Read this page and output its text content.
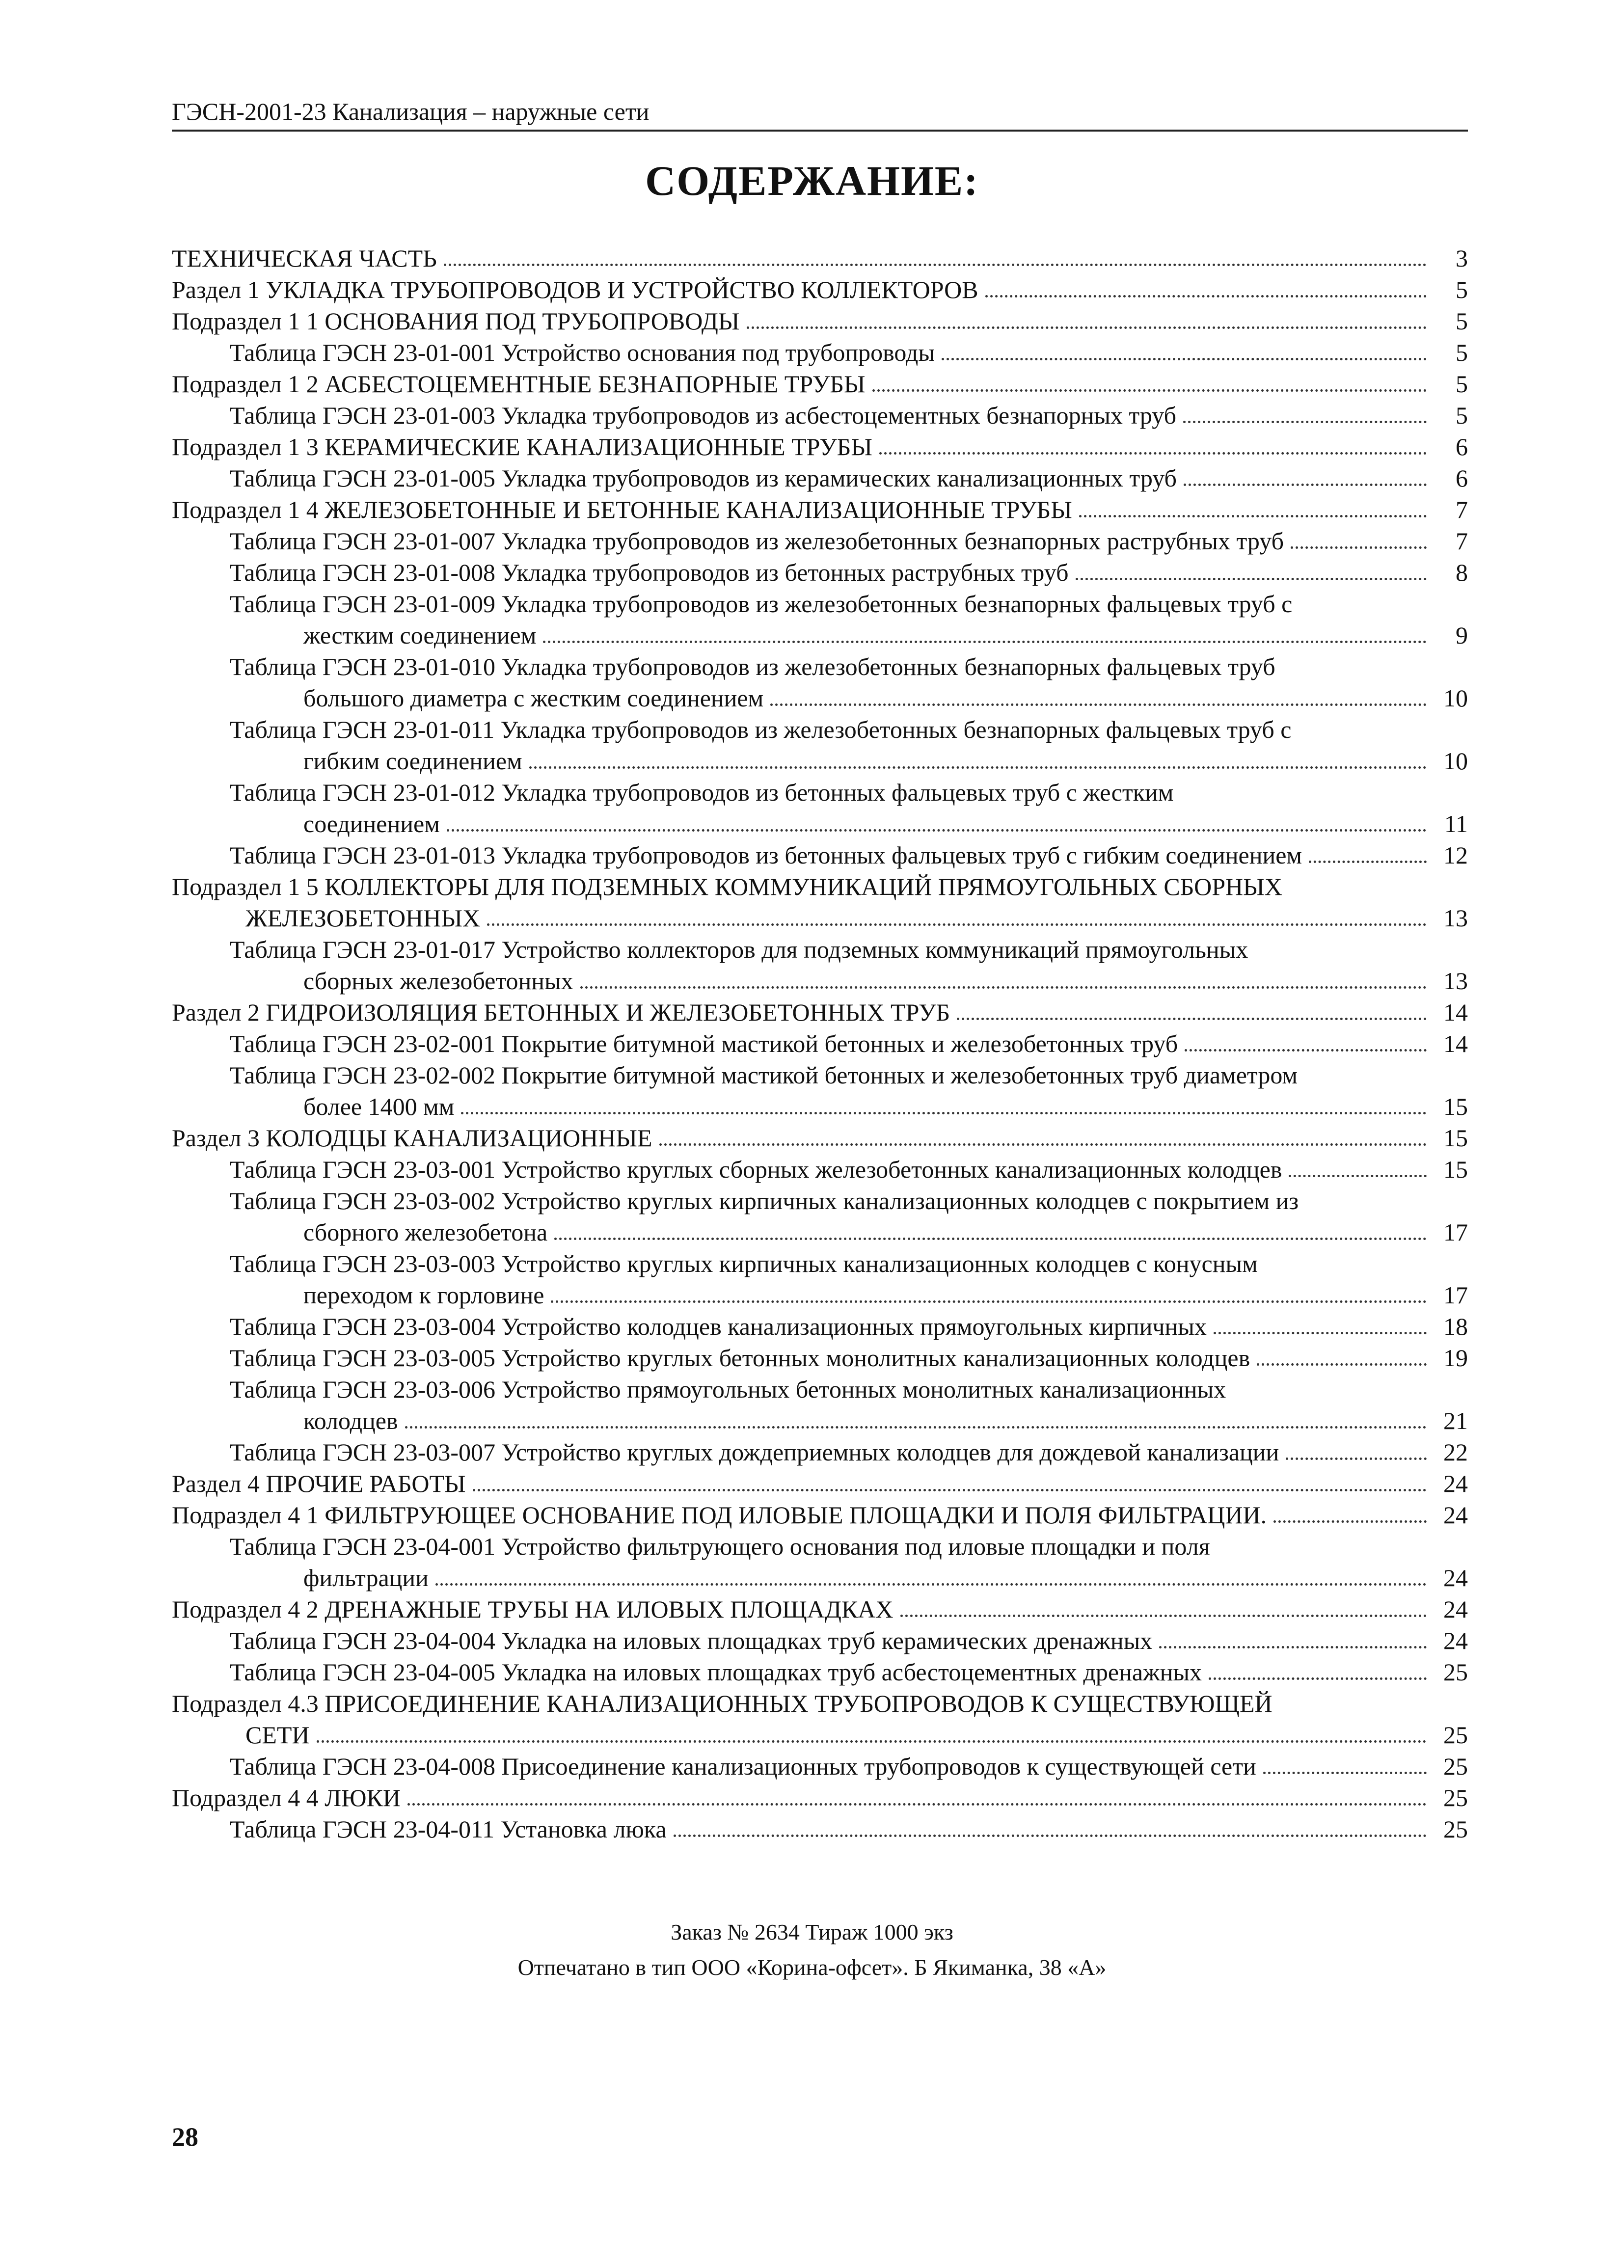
ГЭСН-2001-23 Канализация – наружные сети
СОДЕРЖАНИЕ:
ТЕХНИЧЕСКАЯ ЧАСТЬ	3
Раздел 1 УКЛАДКА ТРУБОПРОВОДОВ И УСТРОЙСТВО КОЛЛЕКТОРОВ	5
Подраздел 1 1 ОСНОВАНИЯ ПОД ТРУБОПРОВОДЫ	5
Таблица ГЭСН 23-01-001 Устройство основания под трубопроводы	5
Подраздел 1 2 АСБЕСТОЦЕМЕНТНЫЕ БЕЗНАПОРНЫЕ ТРУБЫ	5
Таблица ГЭСН 23-01-003 Укладка трубопроводов из асбестоцементных безнапорных труб	5
Подраздел 1 3 КЕРАМИЧЕСКИЕ КАНАЛИЗАЦИОННЫЕ ТРУБЫ	6
Таблица ГЭСН 23-01-005 Укладка трубопроводов из керамических канализационных труб	6
Подраздел 1 4 ЖЕЛЕЗОБЕТОННЫЕ И БЕТОННЫЕ КАНАЛИЗАЦИОННЫЕ ТРУБЫ	7
Таблица ГЭСН 23-01-007 Укладка трубопроводов из железобетонных безнапорных раструбных труб	7
Таблица ГЭСН 23-01-008 Укладка трубопроводов из бетонных раструбных труб	8
Таблица ГЭСН 23-01-009 Укладка трубопроводов из железобетонных безнапорных фальцевых труб с
жестким соединением	9
Таблица ГЭСН 23-01-010 Укладка трубопроводов из железобетонных безнапорных фальцевых труб
большого диаметра с жестким соединением	10
Таблица ГЭСН 23-01-011 Укладка трубопроводов из железобетонных безнапорных фальцевых труб с
гибким соединением	10
Таблица ГЭСН 23-01-012 Укладка трубопроводов из бетонных фальцевых труб с жестким
соединением	11
Таблица ГЭСН 23-01-013 Укладка трубопроводов из бетонных фальцевых труб с гибким соединением	12
Подраздел 1 5 КОЛЛЕКТОРЫ ДЛЯ ПОДЗЕМНЫХ КОММУНИКАЦИЙ ПРЯМОУГОЛЬНЫХ СБОРНЫХ
ЖЕЛЕЗОБЕТОННЫХ	13
Таблица ГЭСН 23-01-017 Устройство коллекторов для подземных коммуникаций прямоугольных
сборных железобетонных	13
Раздел 2 ГИДРОИЗОЛЯЦИЯ БЕТОННЫХ И ЖЕЛЕЗОБЕТОННЫХ ТРУБ	14
Таблица ГЭСН 23-02-001 Покрытие битумной мастикой бетонных и железобетонных труб	14
Таблица ГЭСН 23-02-002 Покрытие битумной мастикой бетонных и железобетонных труб диаметром
более 1400 мм	15
Раздел 3 КОЛОДЦЫ КАНАЛИЗАЦИОННЫЕ	15
Таблица ГЭСН 23-03-001 Устройство круглых сборных железобетонных канализационных колодцев	15
Таблица ГЭСН 23-03-002 Устройство круглых кирпичных канализационных колодцев с покрытием из
сборного железобетона	17
Таблица ГЭСН 23-03-003 Устройство круглых кирпичных канализационных колодцев с конусным
переходом к горловине	17
Таблица ГЭСН 23-03-004 Устройство колодцев канализационных прямоугольных кирпичных	18
Таблица ГЭСН 23-03-005 Устройство круглых бетонных монолитных канализационных колодцев	19
Таблица ГЭСН 23-03-006 Устройство прямоугольных бетонных монолитных канализационных
колодцев	21
Таблица ГЭСН 23-03-007 Устройство круглых дождеприемных колодцев для дождевой канализации	22
Раздел 4 ПРОЧИЕ РАБОТЫ	24
Подраздел 4 1 ФИЛЬТРУЮЩЕЕ ОСНОВАНИЕ ПОД ИЛОВЫЕ ПЛОЩАДКИ И ПОЛЯ ФИЛЬТРАЦИИ.	24
Таблица ГЭСН 23-04-001 Устройство фильтрующего основания под иловые площадки и поля
фильтрации	24
Подраздел 4 2 ДРЕНАЖНЫЕ ТРУБЫ НА ИЛОВЫХ ПЛОЩАДКАХ	24
Таблица ГЭСН 23-04-004 Укладка на иловых площадках труб керамических дренажных	24
Таблица ГЭСН 23-04-005 Укладка на иловых площадках труб асбестоцементных дренажных	25
Подраздел 4.3 ПРИСОЕДИНЕНИЕ КАНАЛИЗАЦИОННЫХ ТРУБОПРОВОДОВ К СУЩЕСТВУЮЩЕЙ
СЕТИ	25
Таблица ГЭСН 23-04-008 Присоединение канализационных трубопроводов к существующей сети	25
Подраздел 4 4 ЛЮКИ	25
Таблица ГЭСН 23-04-011 Установка люка	25
Заказ № 2634 Тираж 1000 экз
Отпечатано в тип ООО «Корина-офсет». Б Якиманка, 38 «А»
28
